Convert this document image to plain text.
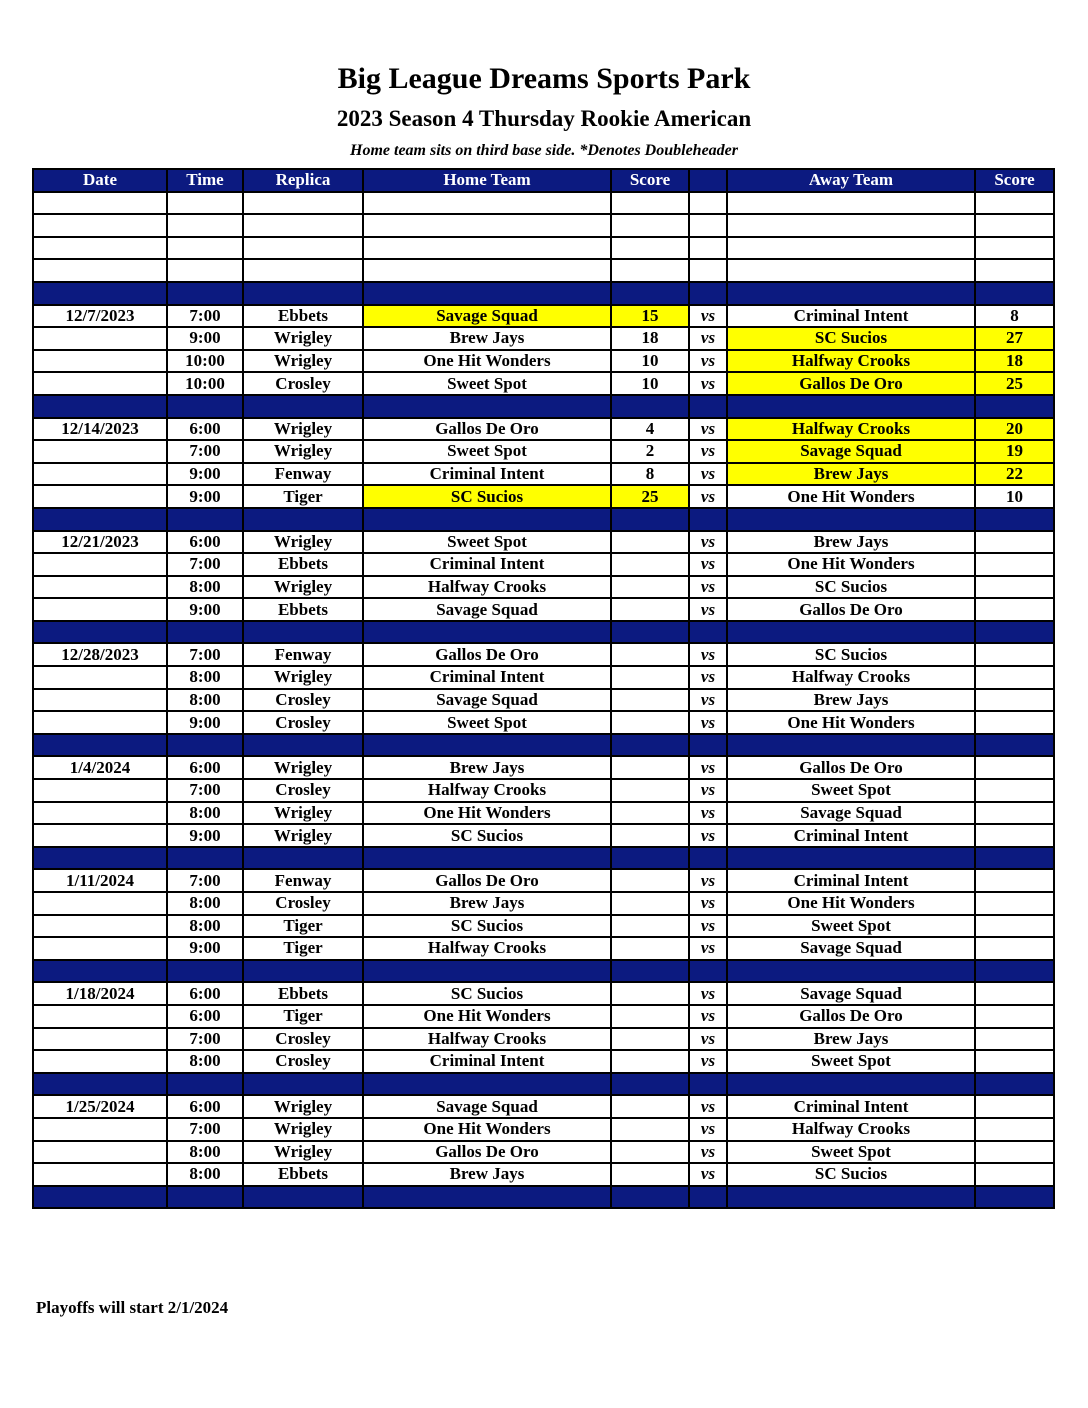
Big League Dreams Sports Park
2023 Season 4 Thursday Rookie American
Home team sits on third base side. *Denotes Doubleheader
Date	Time	Replica	Home Team	Score		Away Team	Score

12/7/2023	7:00	Ebbets	Savage Squad	15	vs	Criminal Intent	8
	9:00	Wrigley	Brew Jays	18	vs	SC Sucios	27
	10:00	Wrigley	One Hit Wonders	10	vs	Halfway Crooks	18
	10:00	Crosley	Sweet Spot	10	vs	Gallos De Oro	25

12/14/2023	6:00	Wrigley	Gallos De Oro	4	vs	Halfway Crooks	20
	7:00	Wrigley	Sweet Spot	2	vs	Savage Squad	19
	9:00	Fenway	Criminal Intent	8	vs	Brew Jays	22
	9:00	Tiger	SC Sucios	25	vs	One Hit Wonders	10

12/21/2023	6:00	Wrigley	Sweet Spot		vs	Brew Jays	
	7:00	Ebbets	Criminal Intent		vs	One Hit Wonders	
	8:00	Wrigley	Halfway Crooks		vs	SC Sucios	
	9:00	Ebbets	Savage Squad		vs	Gallos De Oro	

12/28/2023	7:00	Fenway	Gallos De Oro		vs	SC Sucios	
	8:00	Wrigley	Criminal Intent		vs	Halfway Crooks	
	8:00	Crosley	Savage Squad		vs	Brew Jays	
	9:00	Crosley	Sweet Spot		vs	One Hit Wonders	

1/4/2024	6:00	Wrigley	Brew Jays		vs	Gallos De Oro	
	7:00	Crosley	Halfway Crooks		vs	Sweet Spot	
	8:00	Wrigley	One Hit Wonders		vs	Savage Squad	
	9:00	Wrigley	SC Sucios		vs	Criminal Intent	

1/11/2024	7:00	Fenway	Gallos De Oro		vs	Criminal Intent	
	8:00	Crosley	Brew Jays		vs	One Hit Wonders	
	8:00	Tiger	SC Sucios		vs	Sweet Spot	
	9:00	Tiger	Halfway Crooks		vs	Savage Squad	

1/18/2024	6:00	Ebbets	SC Sucios		vs	Savage Squad	
	6:00	Tiger	One Hit Wonders		vs	Gallos De Oro	
	7:00	Crosley	Halfway Crooks		vs	Brew Jays	
	8:00	Crosley	Criminal Intent		vs	Sweet Spot	

1/25/2024	6:00	Wrigley	Savage Squad		vs	Criminal Intent	
	7:00	Wrigley	One Hit Wonders		vs	Halfway Crooks	
	8:00	Wrigley	Gallos De Oro		vs	Sweet Spot	
	8:00	Ebbets	Brew Jays		vs	SC Sucios	

Playoffs will start 2/1/2024
